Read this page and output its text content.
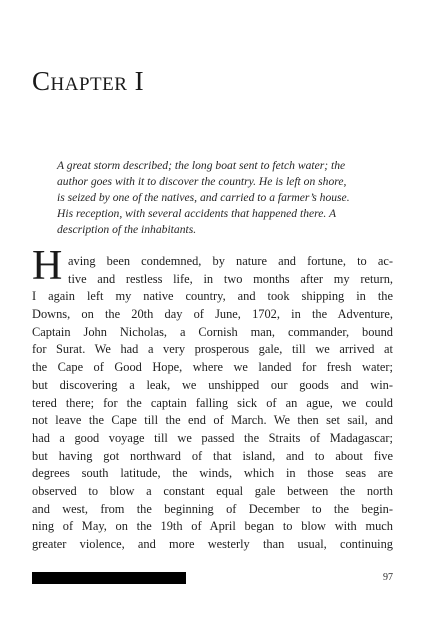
Chapter I
A great storm described; the long boat sent to fetch water; the
author goes with it to discover the country. He is left on shore,
is seized by one of the natives, and carried to a farmer’s house.
His reception, with several accidents that happened there. A
description of the inhabitants.
H aving been condemned, by nature and fortune, to ac-
tive and restless life, in two months after my return,
I again left my native country, and took shipping in the
Downs, on the 20th day of June, 1702, in the Adventure,
Captain John Nicholas, a Cornish man, commander, bound
for Surat. We had a very prosperous gale, till we arrived at
the Cape of Good Hope, where we landed for fresh water;
but discovering a leak, we unshipped our goods and win-
tered there; for the captain falling sick of an ague, we could
not leave the Cape till the end of March. We then set sail, and
had a good voyage till we passed the Straits of Madagascar;
but having got northward of that island, and to about five
degrees south latitude, the winds, which in those seas are
observed to blow a constant equal gale between the north
and west, from the beginning of December to the begin-
ning of May, on the 19th of April began to blow with much
greater violence, and more westerly than usual, continuing
97
